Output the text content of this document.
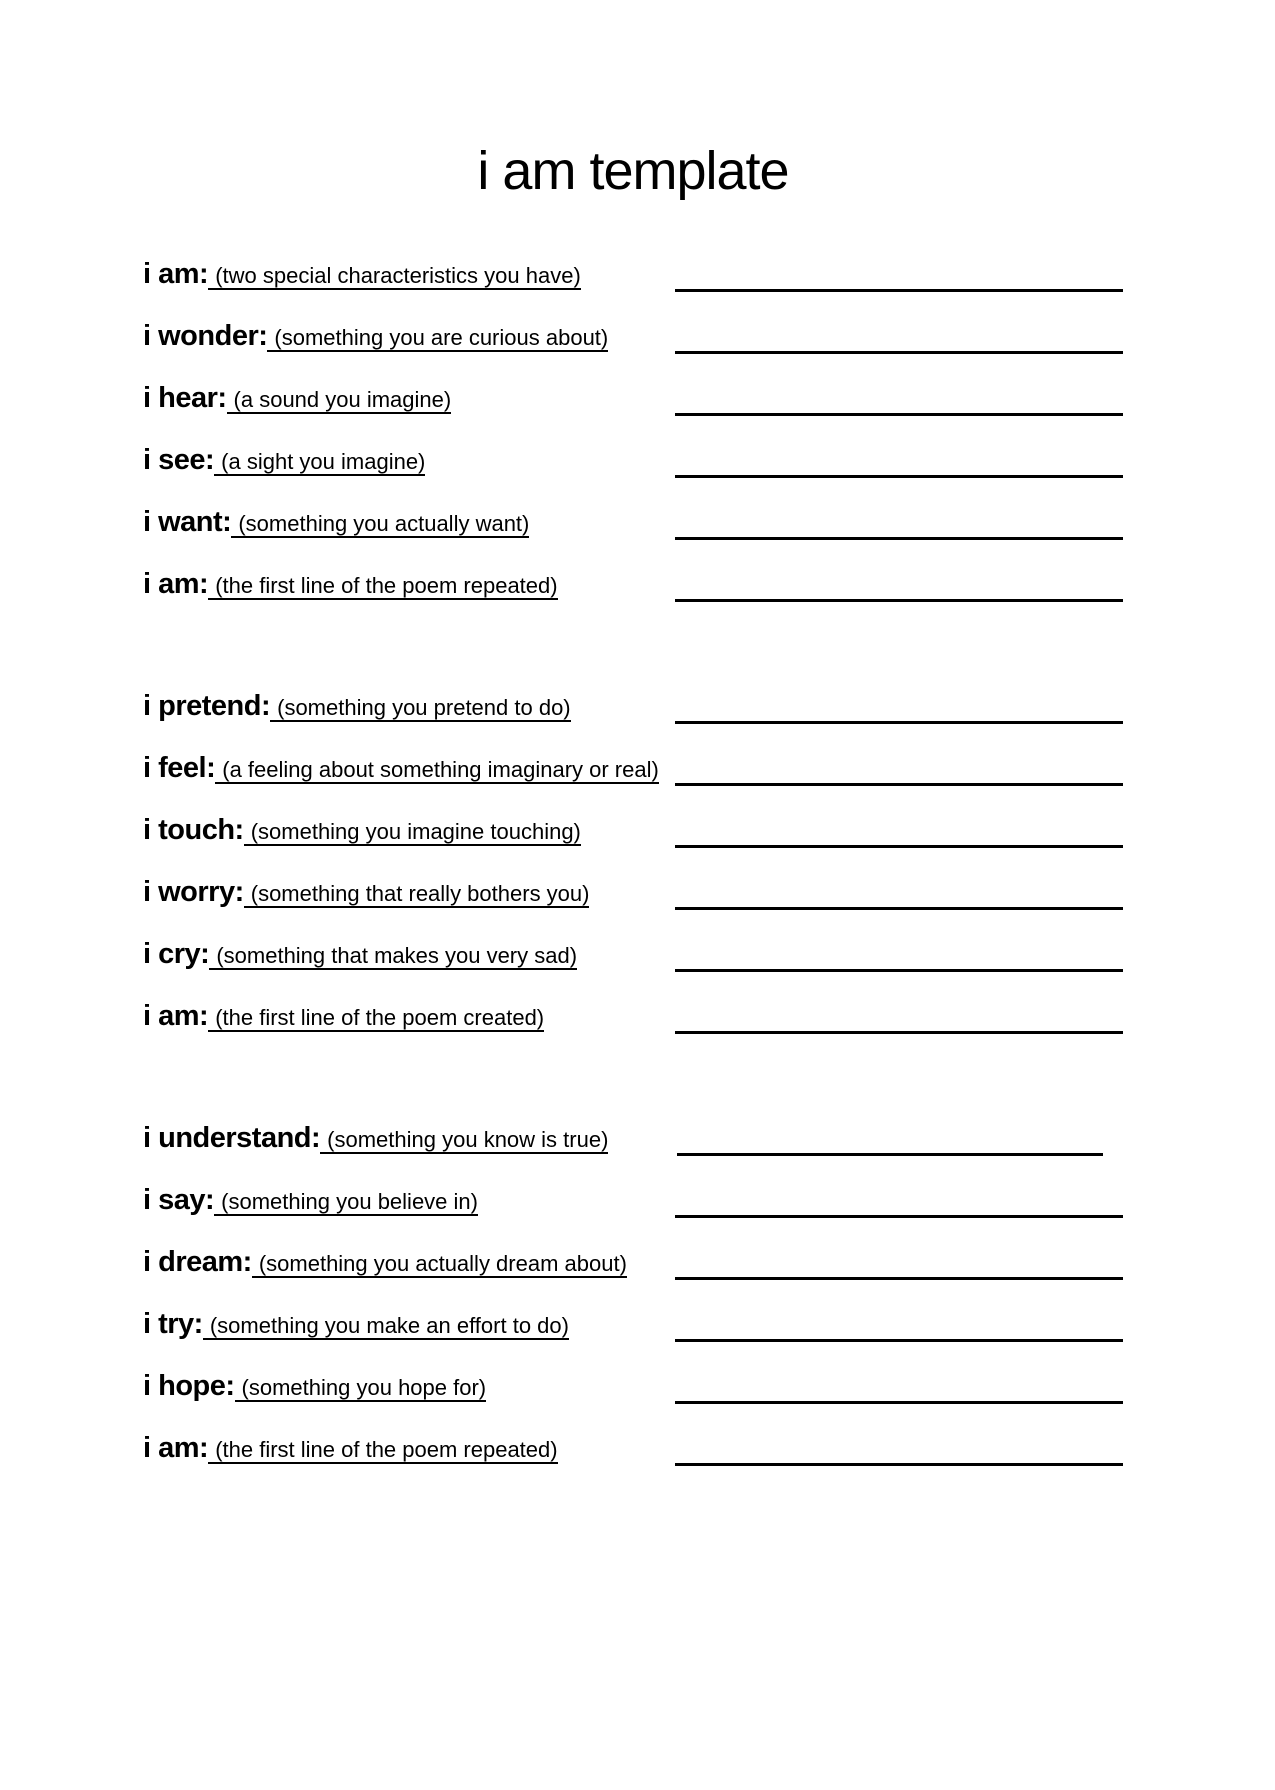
i am template
i am: (two special characteristics you have)

i wonder: (something you are curious about)

i hear: (a sound you imagine)

i see: (a sight you imagine)

i want: (something you actually want)

i am: (the first line of the poem repeated)

i pretend: (something you pretend to do)

i feel: (a feeling about something imaginary or real)

i touch: (something you imagine touching)

i worry: (something that really bothers you)

i cry: (something that makes you very sad)

i am: (the first line of the poem created)

i understand: (something you know is true)

i say: (something you believe in)

i dream: (something you actually dream about)

i try: (something you make an effort to do)

i hope: (something you hope for)

i am: (the first line of the poem repeated)
